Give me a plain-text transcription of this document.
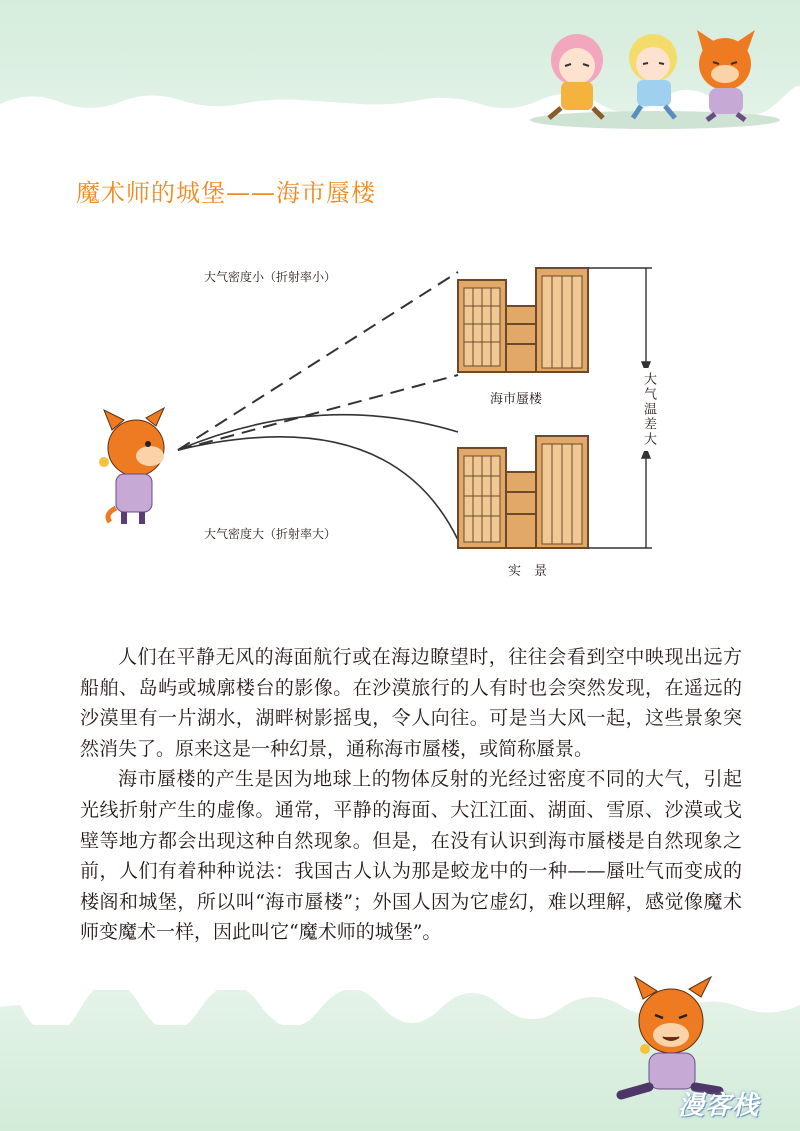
魔术师的城堡——海市蜃楼
大气密度小（折射率小）
大气密度大（折射率大）
海市蜃楼
实　景
大气温差大

人们在平静无风的海面航行或在海边瞭望时，往往会看到空中映现出远方船舶、岛屿或城廓楼台的影像。在沙漠旅行的人有时也会突然发现，在遥远的沙漠里有一片湖水，湖畔树影摇曳，令人向往。可是当大风一起，这些景象突然消失了。原来这是一种幻景，通称海市蜃楼，或简称蜃景。

海市蜃楼的产生是因为地球上的物体反射的光经过密度不同的大气，引起光线折射产生的虚像。通常，平静的海面、大江江面、湖面、雪原、沙漠或戈壁等地方都会出现这种自然现象。但是，在没有认识到海市蜃楼是自然现象之前，人们有着种种说法：我国古人认为那是蛟龙中的一种——蜃吐气而变成的楼阁和城堡，所以叫“海市蜃楼”；外国人因为它虚幻，难以理解，感觉像魔术师变魔术一样，因此叫它“魔术师的城堡”。

漫客栈
